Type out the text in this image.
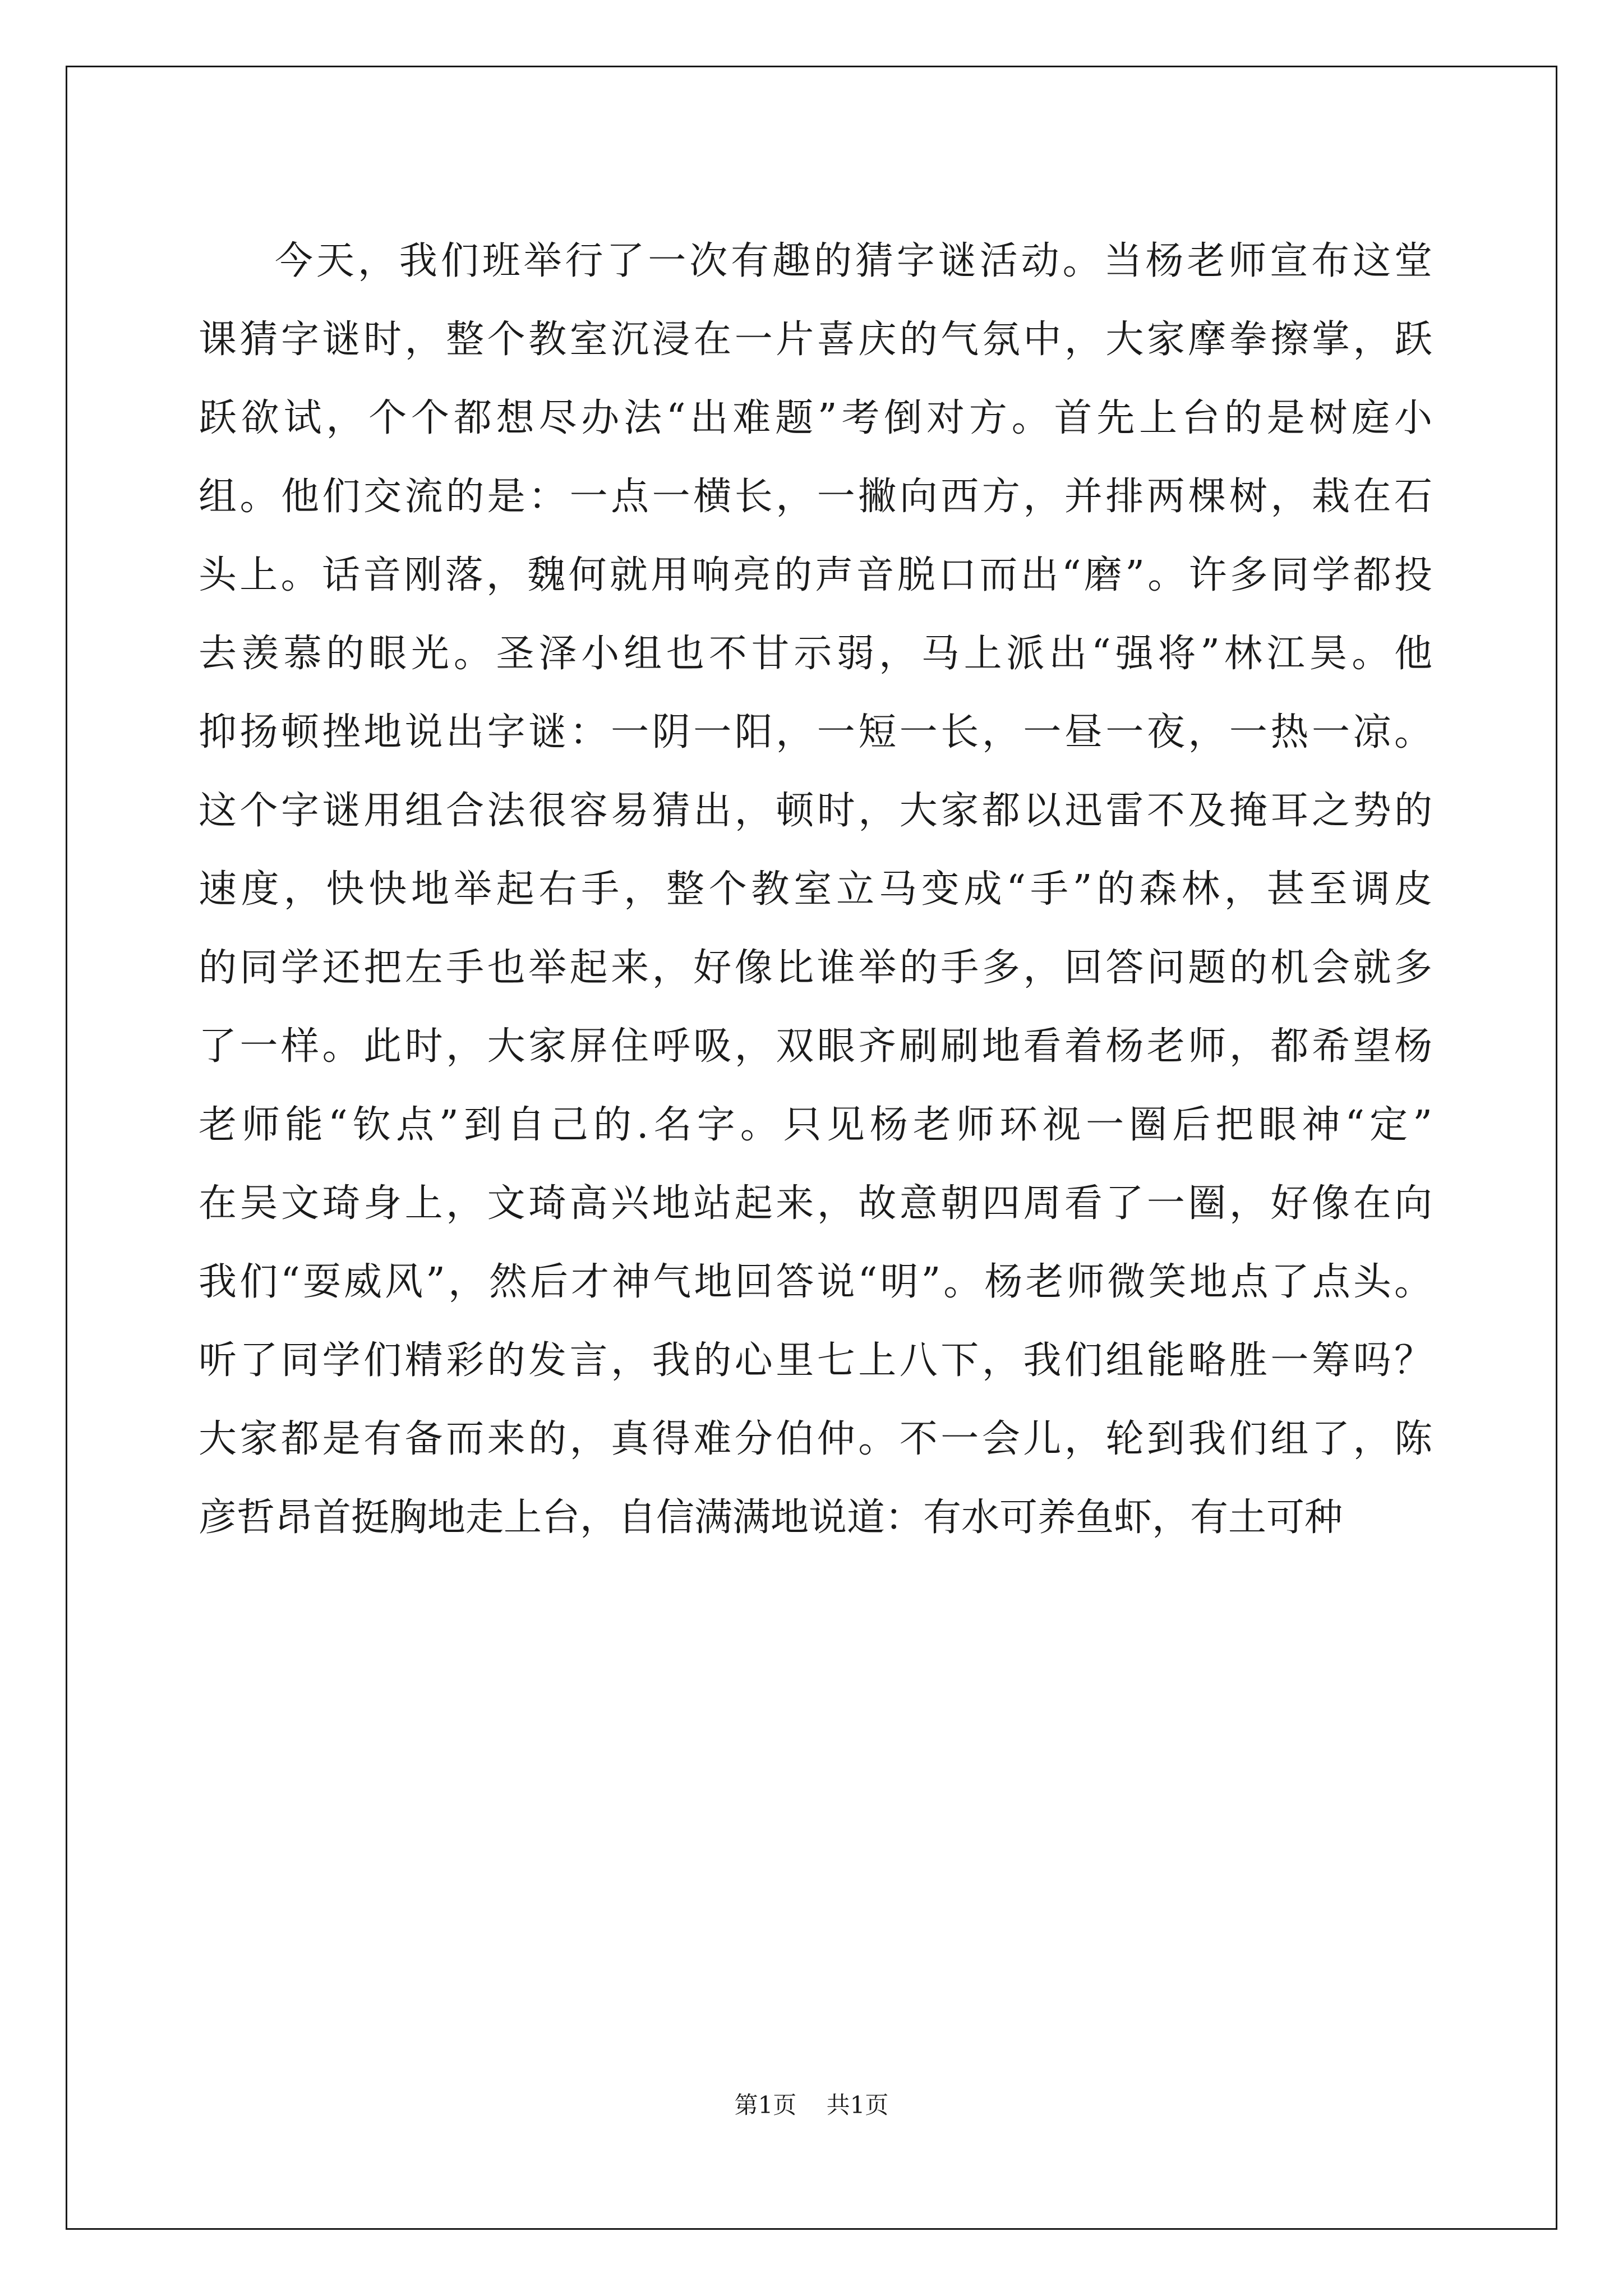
今天，我们班举行了一次有趣的猜字谜活动。当杨老师宣布这堂
课猜字谜时，整个教室沉浸在一片喜庆的气氛中，大家摩拳擦掌，跃
跃欲试，个个都想尽办法“出难题”考倒对方。首先上台的是树庭小
组。他们交流的是：一点一横长，一撇向西方，并排两棵树，栽在石
头上。话音刚落，魏何就用响亮的声音脱口而出“磨”。许多同学都投
去羡慕的眼光。圣泽小组也不甘示弱，马上派出“强将”林江昊。他
抑扬顿挫地说出字谜：一阴一阳，一短一长，一昼一夜，一热一凉。
这个字谜用组合法很容易猜出，顿时，大家都以迅雷不及掩耳之势的
速度，快快地举起右手，整个教室立马变成“手”的森林，甚至调皮
的同学还把左手也举起来，好像比谁举的手多，回答问题的机会就多
了一样。此时，大家屏住呼吸，双眼齐刷刷地看着杨老师，都希望杨
老师能“钦点”到自己的.名字。只见杨老师环视一圈后把眼神“定”
在吴文琦身上，文琦高兴地站起来，故意朝四周看了一圈，好像在向
我们“耍威风”，然后才神气地回答说“明”。杨老师微笑地点了点头。
听了同学们精彩的发言，我的心里七上八下，我们组能略胜一筹吗？
大家都是有备而来的，真得难分伯仲。不一会儿，轮到我们组了，陈
彦哲昂首挺胸地走上台，自信满满地说道：有水可养鱼虾，有土可种
第1页    共1页
